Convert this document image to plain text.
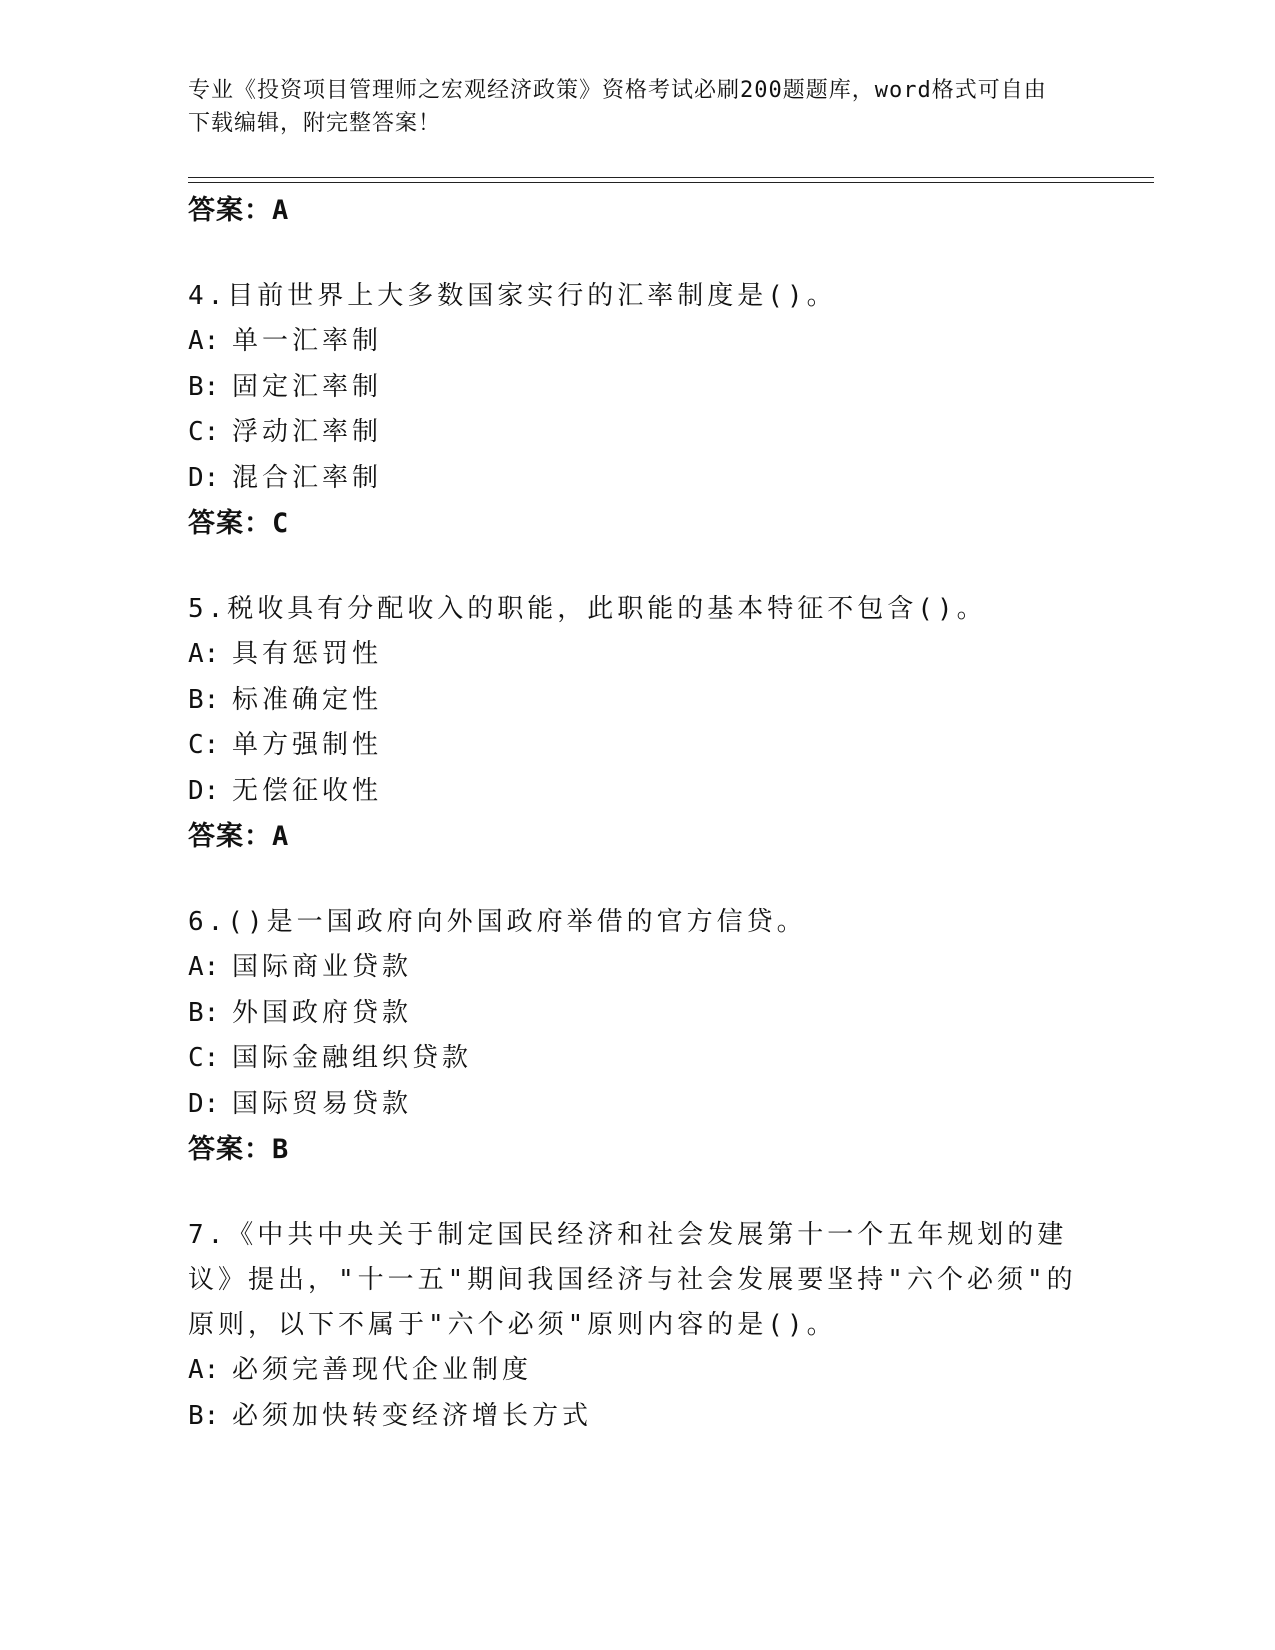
专业《投资项目管理师之宏观经济政策》资格考试必刷200题题库，word格式可自由下载编辑，附完整答案！

答案：A

4.目前世界上大多数国家实行的汇率制度是()。

A: 单一汇率制

B: 固定汇率制

C: 浮动汇率制

D: 混合汇率制

答案：C

5.税收具有分配收入的职能，此职能的基本特征不包含()。

A: 具有惩罚性

B: 标准确定性

C: 单方强制性

D: 无偿征收性

答案：A

6.()是一国政府向外国政府举借的官方信贷。

A: 国际商业贷款

B: 外国政府贷款

C: 国际金融组织贷款

D: 国际贸易贷款

答案：B

7.《中共中央关于制定国民经济和社会发展第十一个五年规划的建议》提出，"十一五"期间我国经济与社会发展要坚持"六个必须"的原则，以下不属于"六个必须"原则内容的是()。

A: 必须完善现代企业制度

B: 必须加快转变经济增长方式
